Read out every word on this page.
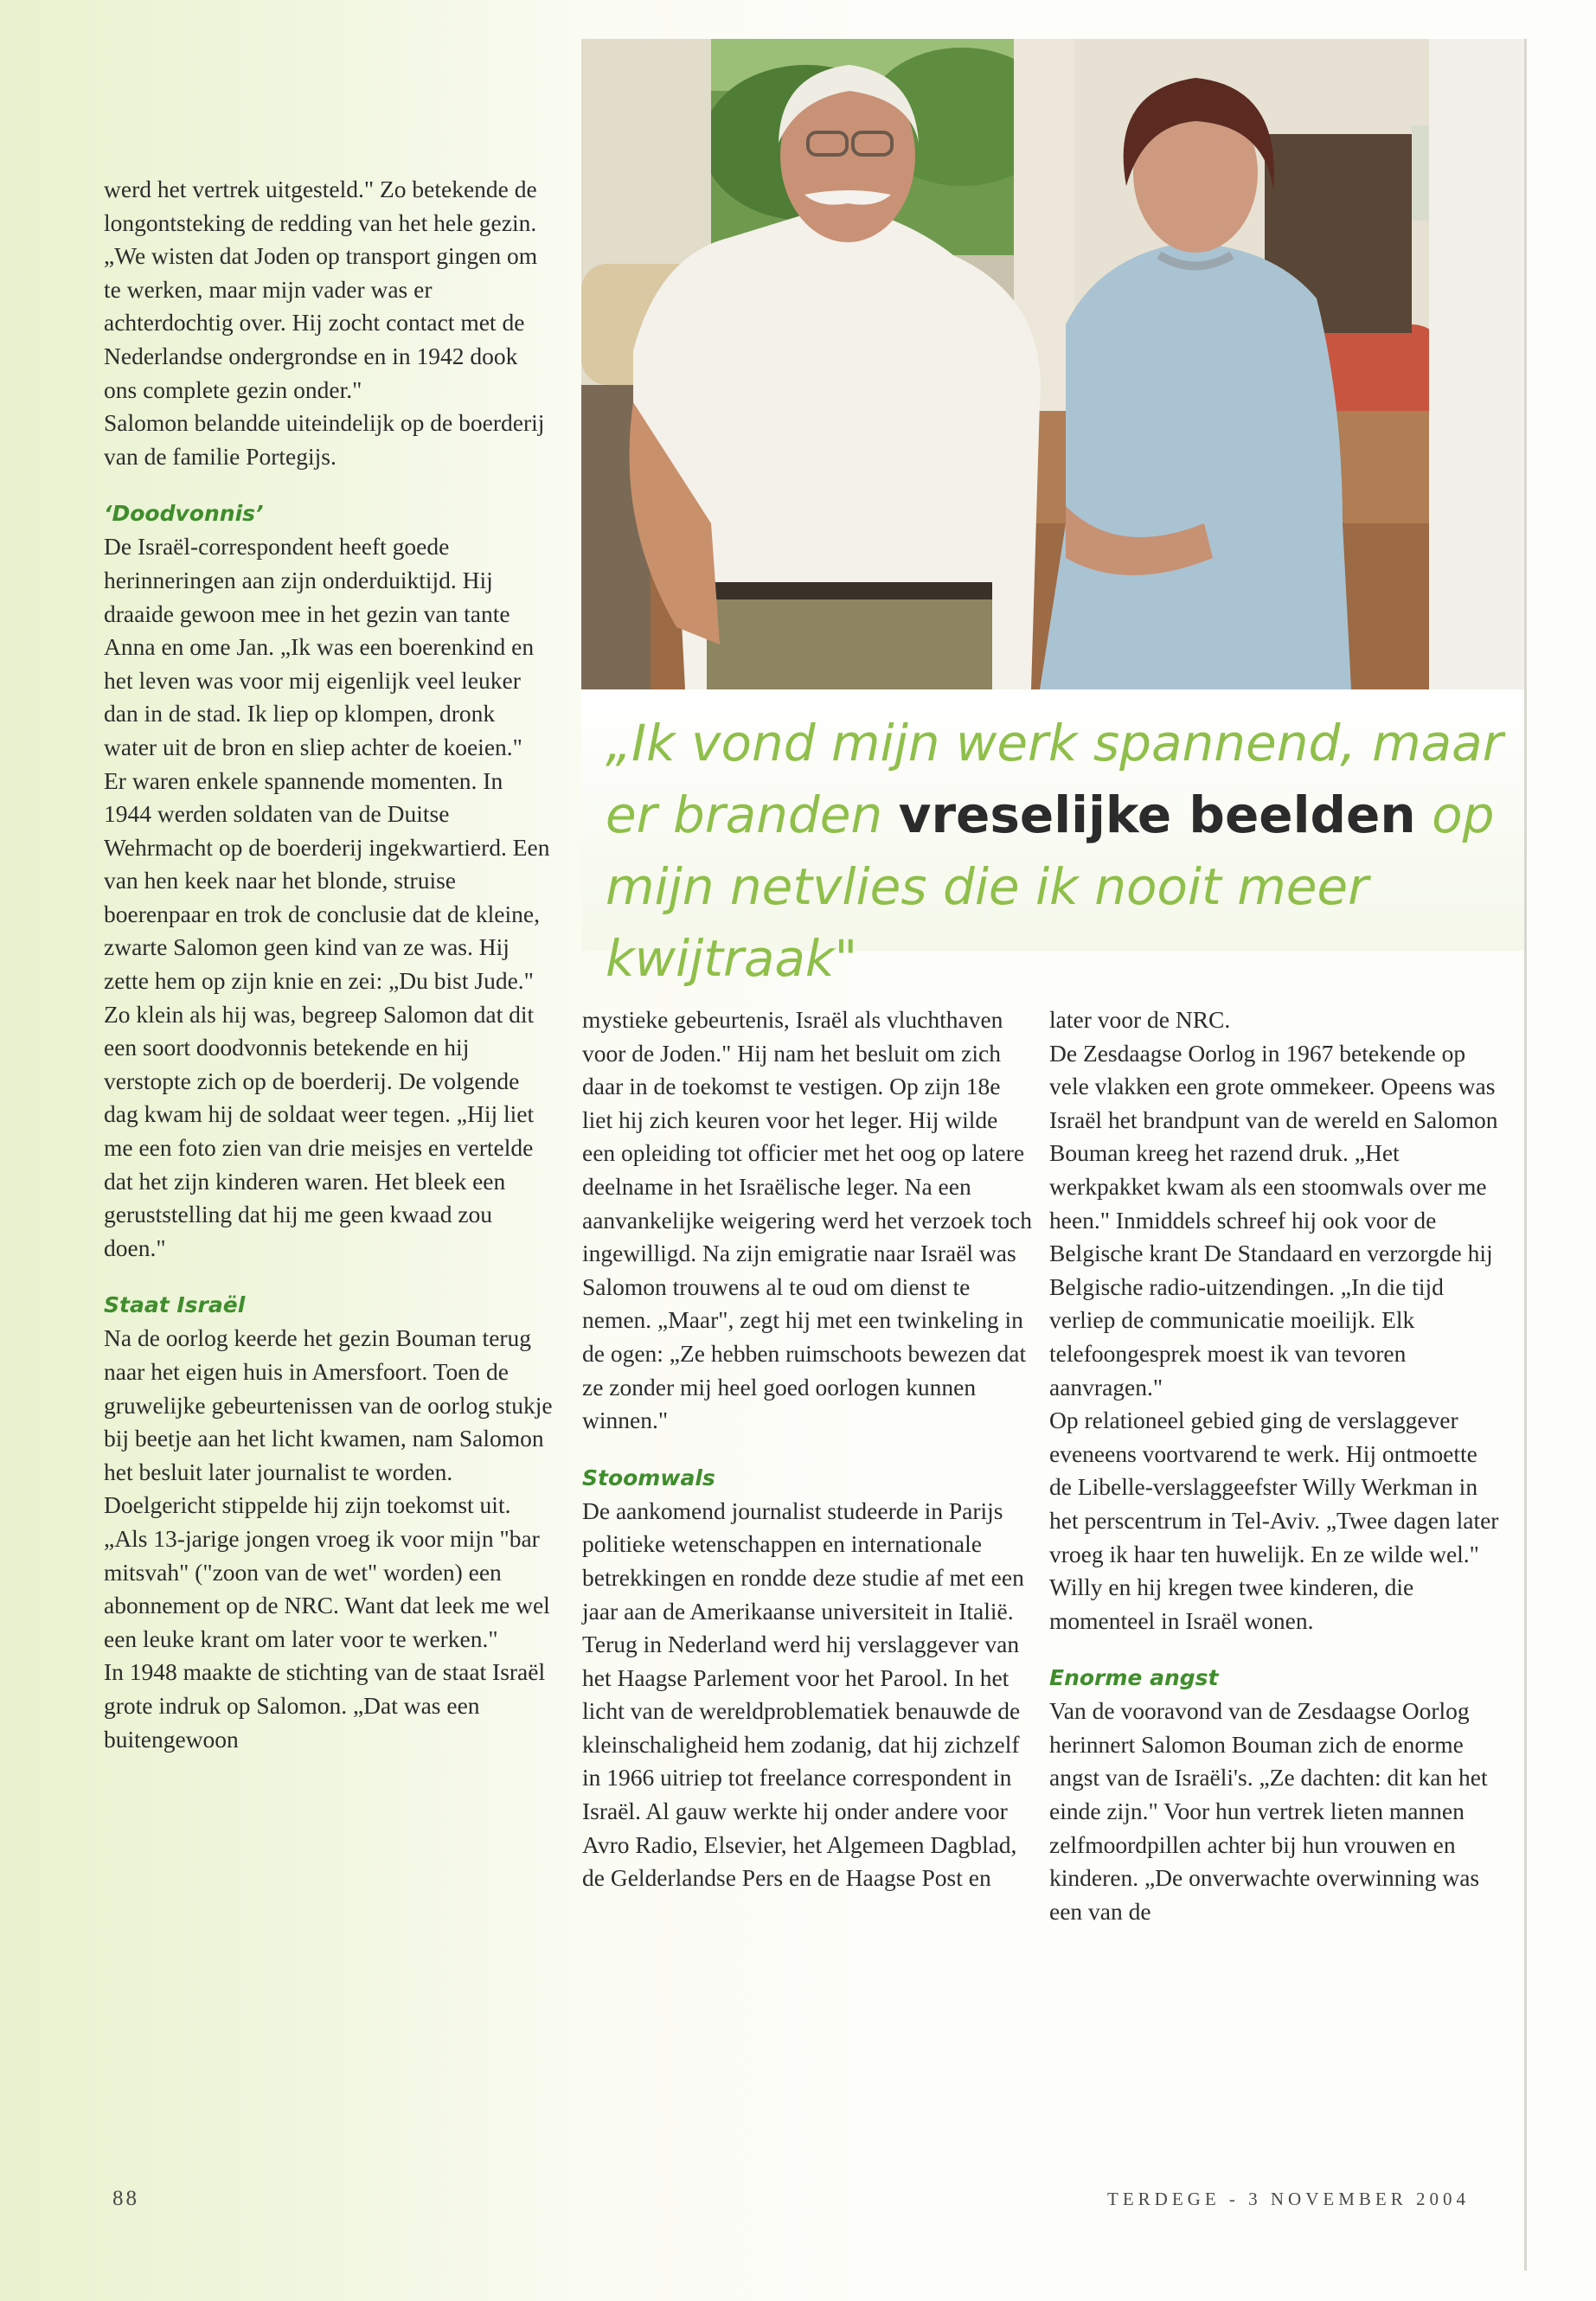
„Ik vond mijn werk spannend, maar er branden vreselijke beelden op mijn netvlies die ik nooit meer kwijtraak"

werd het vertrek uitgesteld." Zo betekende de longontsteking de redding van het hele gezin. „We wisten dat Joden op transport gingen om te werken, maar mijn vader was er achterdochtig over. Hij zocht contact met de Nederlandse ondergrondse en in 1942 dook ons complete gezin onder."

Salomon belandde uiteindelijk op de boerderij van de familie Portegijs.

‘Doodvonnis’

De Israël-correspondent heeft goede herinneringen aan zijn onderduiktijd. Hij draaide gewoon mee in het gezin van tante Anna en ome Jan. „Ik was een boerenkind en het leven was voor mij eigenlijk veel leuker dan in de stad. Ik liep op klompen, dronk water uit de bron en sliep achter de koeien."

Er waren enkele spannende momenten. In 1944 werden soldaten van de Duitse Wehrmacht op de boerderij ingekwartierd. Een van hen keek naar het blonde, struise boerenpaar en trok de conclusie dat de kleine, zwarte Salomon geen kind van ze was. Hij zette hem op zijn knie en zei: „Du bist Jude." Zo klein als hij was, begreep Salomon dat dit een soort doodvonnis betekende en hij verstopte zich op de boerderij. De volgende dag kwam hij de soldaat weer tegen. „Hij liet me een foto zien van drie meisjes en vertelde dat het zijn kinderen waren. Het bleek een geruststelling dat hij me geen kwaad zou doen."

Staat Israël

Na de oorlog keerde het gezin Bouman terug naar het eigen huis in Amersfoort. Toen de gruwelijke gebeurtenissen van de oorlog stukje bij beetje aan het licht kwamen, nam Salomon het besluit later journalist te worden. Doelgericht stippelde hij zijn toekomst uit. „Als 13-jarige jongen vroeg ik voor mijn "bar mitsvah" ("zoon van de wet" worden) een abonnement op de NRC. Want dat leek me wel een leuke krant om later voor te werken."

In 1948 maakte de stichting van de staat Israël grote indruk op Salomon. „Dat was een buitengewoon

mystieke gebeurtenis, Israël als vluchthaven voor de Joden." Hij nam het besluit om zich daar in de toekomst te vestigen. Op zijn 18e liet hij zich keuren voor het leger. Hij wilde een opleiding tot officier met het oog op latere deelname in het Israëlische leger. Na een aanvankelijke weigering werd het verzoek toch ingewilligd. Na zijn emigratie naar Israël was Salomon trouwens al te oud om dienst te nemen. „Maar", zegt hij met een twinkeling in de ogen: „Ze hebben ruimschoots bewezen dat ze zonder mij heel goed oorlogen kunnen winnen."

Stoomwals

De aankomend journalist studeerde in Parijs politieke wetenschappen en internationale betrekkingen en rondde deze studie af met een jaar aan de Amerikaanse universiteit in Italië. Terug in Nederland werd hij verslaggever van het Haagse Parlement voor het Parool. In het licht van de wereldproblematiek benauwde de kleinschaligheid hem zodanig, dat hij zichzelf in 1966 uitriep tot freelance correspondent in Israël. Al gauw werkte hij onder andere voor Avro Radio, Elsevier, het Algemeen Dagblad, de Gelderlandse Pers en de Haagse Post en

later voor de NRC.

De Zesdaagse Oorlog in 1967 betekende op vele vlakken een grote ommekeer. Opeens was Israël het brandpunt van de wereld en Salomon Bouman kreeg het razend druk. „Het werkpakket kwam als een stoomwals over me heen." Inmiddels schreef hij ook voor de Belgische krant De Standaard en verzorgde hij Belgische radio-uitzendingen. „In die tijd verliep de communicatie moeilijk. Elk telefoongesprek moest ik van tevoren aanvragen."

Op relationeel gebied ging de verslaggever eveneens voortvarend te werk. Hij ontmoette de Libelle-verslaggeefster Willy Werkman in het perscentrum in Tel-Aviv. „Twee dagen later vroeg ik haar ten huwelijk. En ze wilde wel." Willy en hij kregen twee kinderen, die momenteel in Israël wonen.

Enorme angst

Van de vooravond van de Zesdaagse Oorlog herinnert Salomon Bouman zich de enorme angst van de Israëli's. „Ze dachten: dit kan het einde zijn." Voor hun vertrek lieten mannen zelfmoordpillen achter bij hun vrouwen en kinderen. „De onverwachte overwinning was een van de

88	TERDEGE - 3 NOVEMBER 2004
